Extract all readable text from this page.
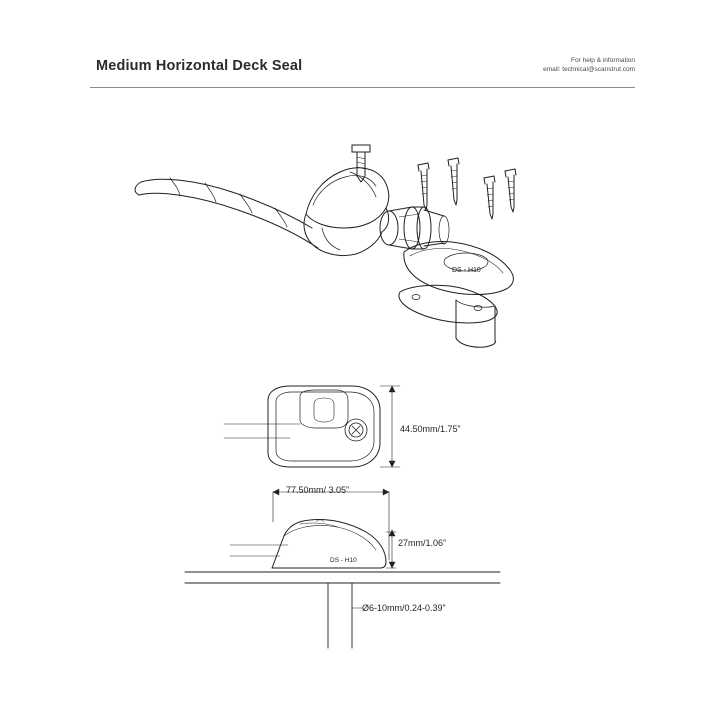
Medium Horizontal Deck Seal	For help & information
email: technical@scanstrut.com
DS - H10
DS - H10
44.50mm/1.75”
77.50mm/ 3.05”
27mm/1.06”
Ø6-10mm/0.24-0.39”
